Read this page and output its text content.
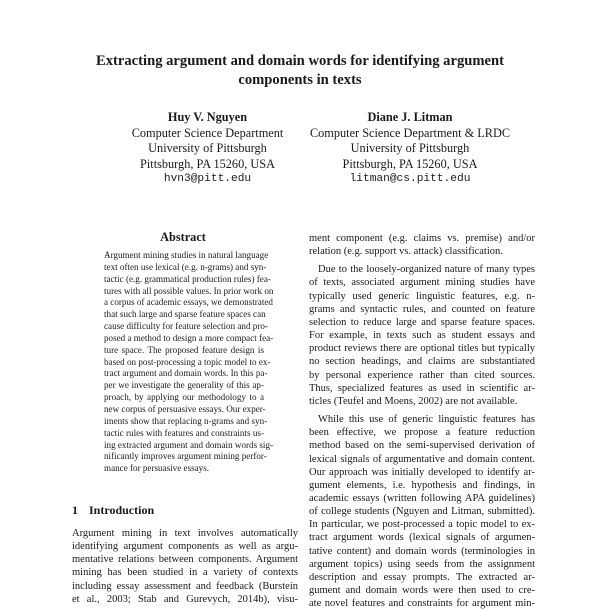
Extracting argument and domain words for identifying argument
components in texts
Huy V. Nguyen
Computer Science Department
University of Pittsburgh
Pittsburgh, PA 15260, USA
hvn3@pitt.edu
Diane J. Litman
Computer Science Department & LRDC
University of Pittsburgh
Pittsburgh, PA 15260, USA
litman@cs.pitt.edu
Abstract
Argument mining studies in natural language
text often use lexical (e.g. n-grams) and syn-
tactic (e.g. grammatical production rules) fea-
tures with all possible values. In prior work on
a corpus of academic essays, we demonstrated
that such large and sparse feature spaces can
cause difficulty for feature selection and pro-
posed a method to design a more compact fea-
ture space. The proposed feature design is
based on post-processing a topic model to ex-
tract argument and domain words. In this pa-
per we investigate the generality of this ap-
proach, by applying our methodology to a
new corpus of persuasive essays. Our exper-
iments show that replacing n-grams and syn-
tactic rules with features and constraints us-
ing extracted argument and domain words sig-
nificantly improves argument mining perfor-
mance for persuasive essays.
1 Introduction
Argument mining in text involves automatically
identifying argument components as well as argu-
mentative relations between components. Argument
mining has been studied in a variety of contexts
including essay assessment and feedback (Burstein
et al., 2003; Stab and Gurevych, 2014b), visu-
ment component (e.g. claims vs. premise) and/or
relation (e.g. support vs. attack) classification.
Due to the loosely-organized nature of many types
of texts, associated argument mining studies have
typically used generic linguistic features, e.g. n-
grams and syntactic rules, and counted on feature
selection to reduce large and sparse feature spaces.
For example, in texts such as student essays and
product reviews there are optional titles but typically
no section headings, and claims are substantiated
by personal experience rather than cited sources.
Thus, specialized features as used in scientific ar-
ticles (Teufel and Moens, 2002) are not available.
While this use of generic linguistic features has
been effective, we propose a feature reduction
method based on the semi-supervised derivation of
lexical signals of argumentative and domain content.
Our approach was initially developed to identify ar-
gument elements, i.e. hypothesis and findings, in
academic essays (written following APA guidelines)
of college students (Nguyen and Litman, submitted).
In particular, we post-processed a topic model to ex-
tract argument words (lexical signals of argumen-
tative content) and domain words (terminologies in
argument topics) using seeds from the assignment
description and essay prompts. The extracted ar-
gument and domain words were then used to cre-
ate novel features and constraints for argument min-
